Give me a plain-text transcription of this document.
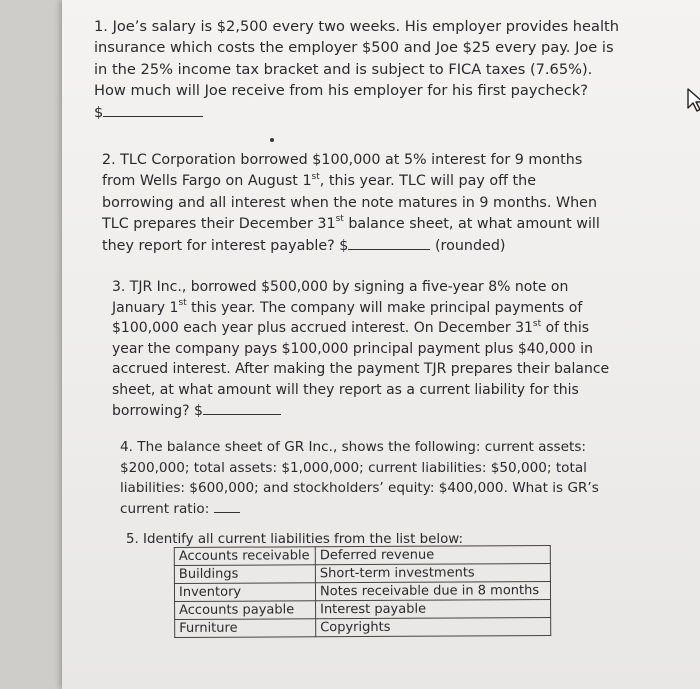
1. Joe’s salary is $2,500 every two weeks. His employer provides health
insurance which costs the employer $500 and Joe $25 every pay. Joe is
in the 25% income tax bracket and is subject to FICA taxes (7.65%).
How much will Joe receive from his employer for his first paycheck?
$
2. TLC Corporation borrowed $100,000 at 5% interest for 9 months
from Wells Fargo on August 1st, this year. TLC will pay off the
borrowing and all interest when the note matures in 9 months. When
TLC prepares their December 31st balance sheet, at what amount will
they report for interest payable? $	(rounded)
3. TJR Inc., borrowed $500,000 by signing a five-year 8% note on
January 1st this year. The company will make principal payments of
$100,000 each year plus accrued interest. On December 31st of this
year the company pays $100,000 principal payment plus $40,000 in
accrued interest. After making the payment TJR prepares their balance
sheet, at what amount will they report as a current liability for this
borrowing? $
4. The balance sheet of GR Inc., shows the following: current assets:
$200,000; total assets: $1,000,000; current liabilities: $50,000; total
liabilities: $600,000; and stockholders’ equity: $400,000. What is GR’s
current ratio:
5. Identify all current liabilities from the list below:
Accounts receivable	Deferred revenue
Buildings	Short-term investments
Inventory	Notes receivable due in 8 months
Accounts payable	Interest payable
Furniture	Copyrights
